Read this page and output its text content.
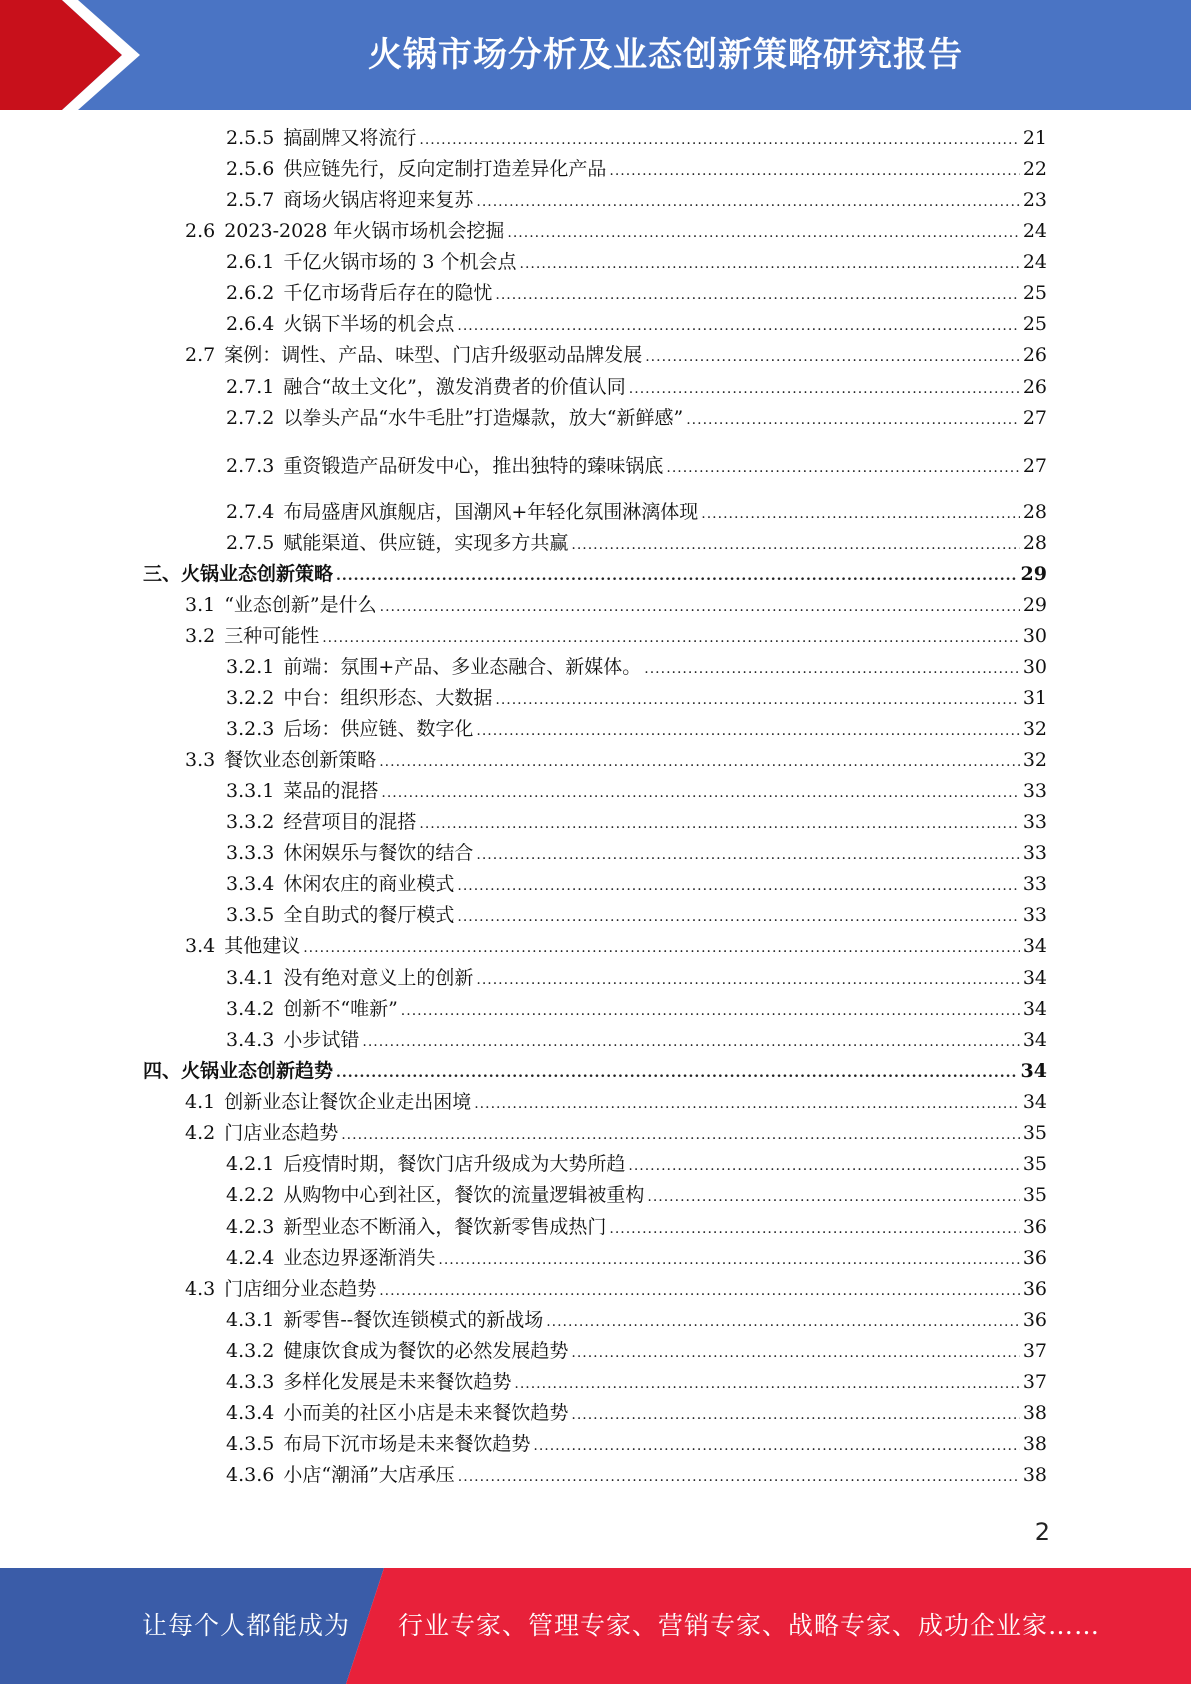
火锅市场分析及业态创新策略研究报告
2.5.5 搞副牌又将流行 .....	21
2.5.6 供应链先行，反向定制打造差异化产品 .....	22
2.5.7 商场火锅店将迎来复苏 .....	23
2.6 2023-2028 年火锅市场机会挖掘 .....	24
2.6.1 千亿火锅市场的 3 个机会点 .....	24
2.6.2 千亿市场背后存在的隐忧 .....	25
2.6.4 火锅下半场的机会点 .....	25
2.7 案例：调性、产品、味型、门店升级驱动品牌发展 .....	26
2.7.1 融合“故土文化”，激发消费者的价值认同 .....	26
2.7.2 以拳头产品“水牛毛肚”打造爆款，放大“新鲜感” .....	27
2.7.3 重资锻造产品研发中心，推出独特的臻味锅底 .....	27
2.7.4 布局盛唐风旗舰店，国潮风+年轻化氛围淋漓体现 .....	28
2.7.5 赋能渠道、供应链，实现多方共赢 .....	28
三、火锅业态创新策略 .....	29
3.1 “业态创新”是什么 .....	29
3.2 三种可能性 .....	30
3.2.1 前端：氛围+产品、多业态融合、新媒体。 .....	30
3.2.2 中台：组织形态、大数据 .....	31
3.2.3 后场：供应链、数字化 .....	32
3.3 餐饮业态创新策略 .....	32
3.3.1 菜品的混搭 .....	33
3.3.2 经营项目的混搭 .....	33
3.3.3 休闲娱乐与餐饮的结合 .....	33
3.3.4 休闲农庄的商业模式 .....	33
3.3.5 全自助式的餐厅模式 .....	33
3.4 其他建议 .....	34
3.4.1 没有绝对意义上的创新 .....	34
3.4.2 创新不“唯新” .....	34
3.4.3 小步试错 .....	34
四、火锅业态创新趋势 .....	34
4.1 创新业态让餐饮企业走出困境 .....	34
4.2 门店业态趋势 .....	35
4.2.1 后疫情时期，餐饮门店升级成为大势所趋 .....	35
4.2.2 从购物中心到社区，餐饮的流量逻辑被重构 .....	35
4.2.3 新型业态不断涌入，餐饮新零售成热门 .....	36
4.2.4 业态边界逐渐消失 .....	36
4.3 门店细分业态趋势 .....	36
4.3.1 新零售--餐饮连锁模式的新战场 .....	36
4.3.2 健康饮食成为餐饮的必然发展趋势 .....	37
4.3.3 多样化发展是未来餐饮趋势 .....	37
4.3.4 小而美的社区小店是未来餐饮趋势 .....	38
4.3.5 布局下沉市场是未来餐饮趋势 .....	38
4.3.6 小店“潮涌”大店承压 .....	38
2
让每个人都能成为 行业专家、管理专家、营销专家、战略专家、成功企业家……
